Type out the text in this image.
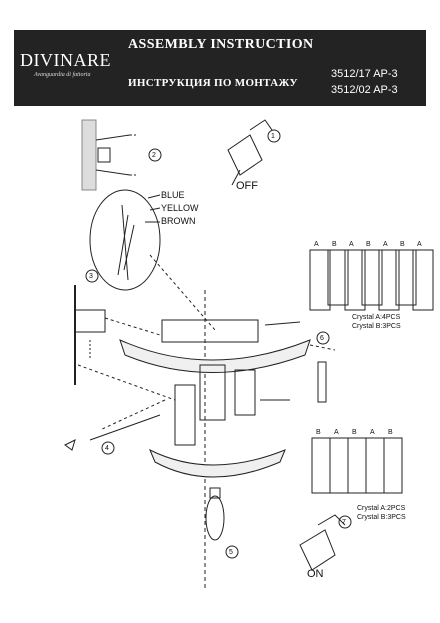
DIVINARE
Avanguardia di fattoria
ASSEMBLY INSTRUCTION
ИНСТРУКЦИЯ ПО МОНТАЖУ
3512/17 AP-3
3512/02 AP-3
1
2
3
4
5
6
7
BLUE
YELLOW
BROWN
OFF
ON
A B A B A B A
B A B A B
Crystal A:4PCS
Crystal B:3PCS
Crystal A:2PCS
Crystal B:3PCS
